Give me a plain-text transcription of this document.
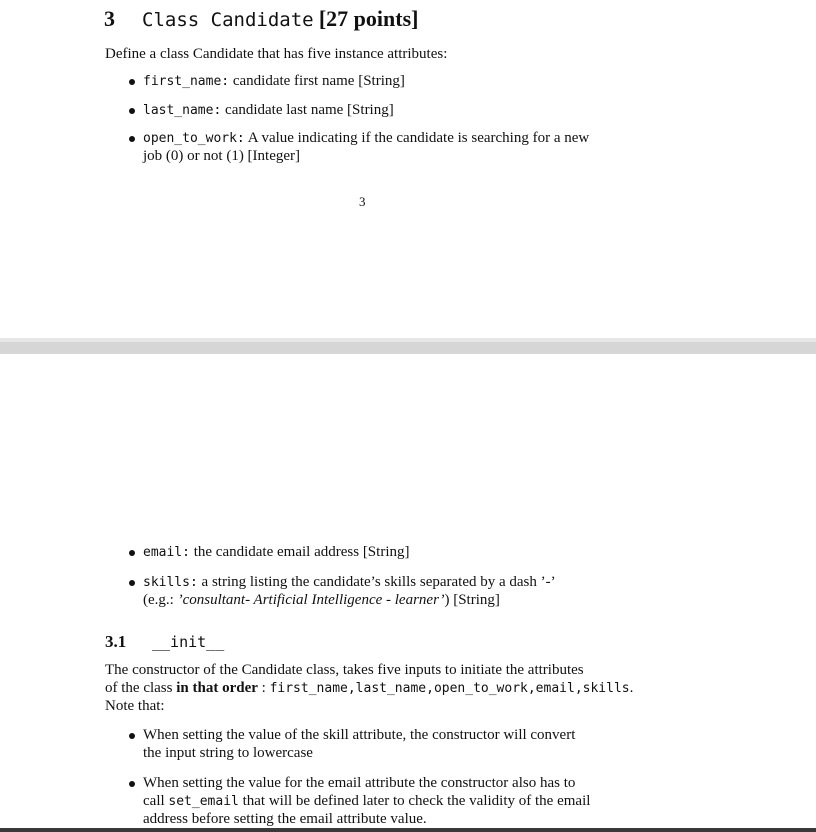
3 Class Candidate [27 points]
Define a class Candidate that has five instance attributes:
first_name: candidate first name [String]
last_name: candidate last name [String]
open_to_work: A value indicating if the candidate is searching for a new
job (0) or not (1) [Integer]
3
email: the candidate email address [String]
skills: a string listing the candidate’s skills separated by a dash ’-’
(e.g.: ’consultant- Artificial Intelligence - learner’) [String]
3.1 __init__
The constructor of the Candidate class, takes five inputs to initiate the attributes
of the class in that order : first_name,last_name,open_to_work,email,skills.
Note that:
When setting the value of the skill attribute, the constructor will convert
the input string to lowercase
When setting the value for the email attribute the constructor also has to
call set_email that will be defined later to check the validity of the email
address before setting the email attribute value.
